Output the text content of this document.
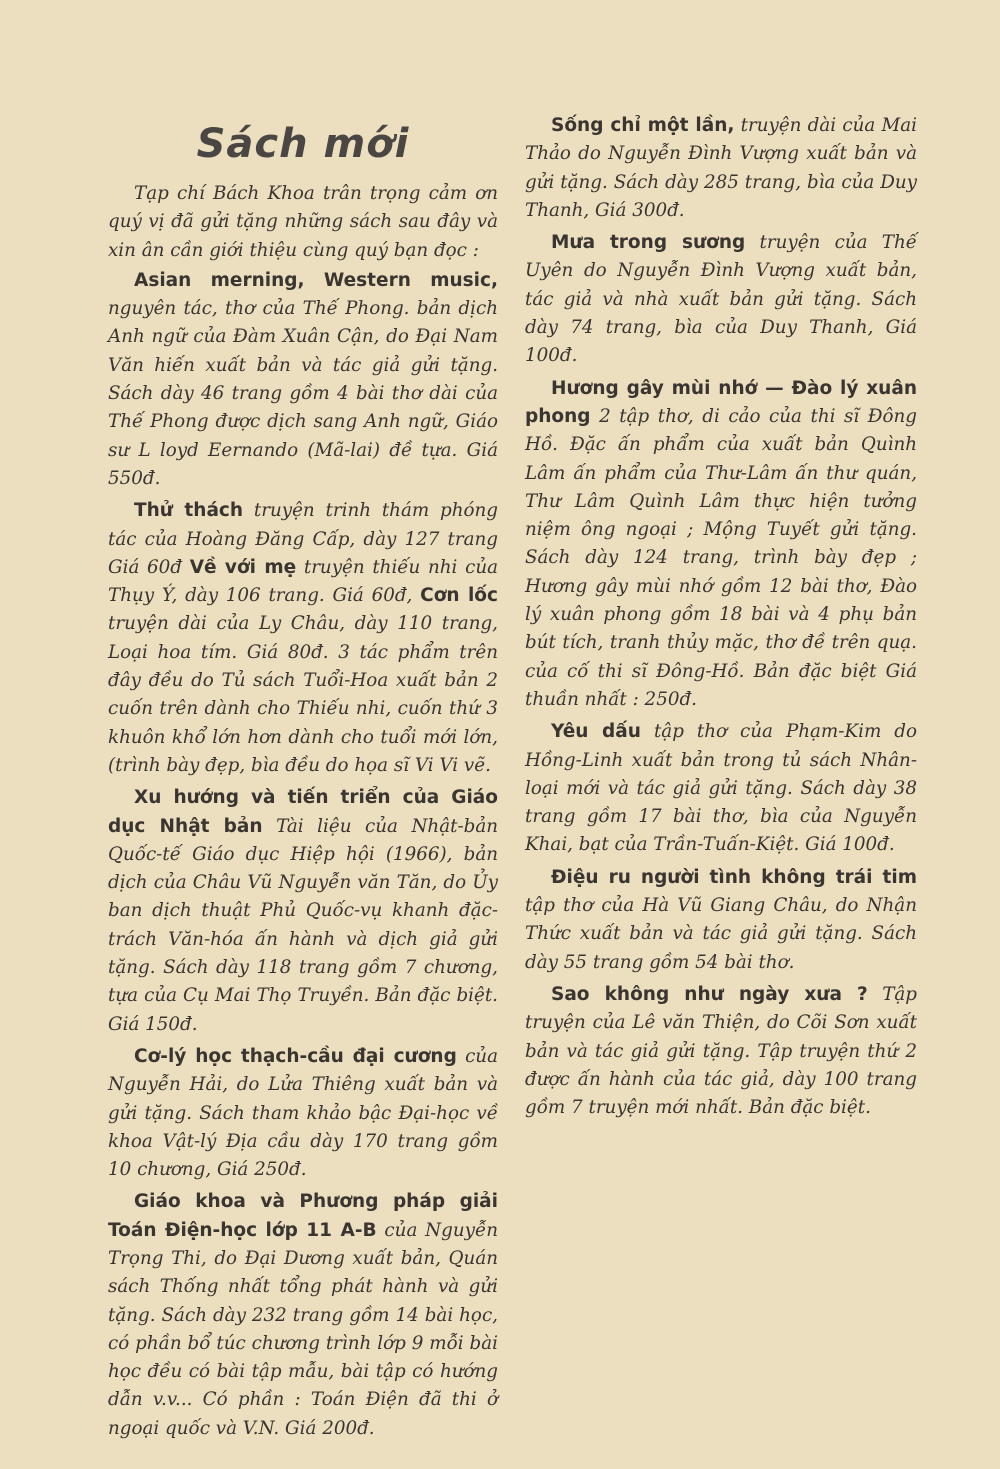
Sách mới

Tạp chí Bách Khoa trân trọng cảm ơn quý vị đã gửi tặng những sách sau đây và xin ân cần giới thiệu cùng quý bạn đọc :

Asian merning, Western music, nguyên tác, thơ của Thế Phong. bản dịch Anh ngữ của Đàm Xuân Cận, do Đại Nam Văn hiến xuất bản và tác giả gửi tặng. Sách dày 46 trang gồm 4 bài thơ dài của Thế Phong được dịch sang Anh ngữ, Giáo sư L loyd Eernando (Mã-lai) đề tựa. Giá 550đ.

Thử thách truyện trinh thám phóng tác của Hoàng Đăng Cấp, dày 127 trang Giá 60đ Về với mẹ truyện thiếu nhi của Thụy Ý, dày 106 trang. Giá 60đ, Cơn lốc truyện dài của Ly Châu, dày 110 trang, Loại hoa tím. Giá 80đ. 3 tác phẩm trên đây đều do Tủ sách Tuổi-Hoa xuất bản 2 cuốn trên dành cho Thiếu nhi, cuốn thứ 3 khuôn khổ lớn hơn dành cho tuổi mới lớn, (trình bày đẹp, bìa đều do họa sĩ Vi Vi vẽ.

Xu hướng và tiến triển của Giáo dục Nhật bản Tài liệu của Nhật-bản Quốc-tế Giáo dục Hiệp hội (1966), bản dịch của Châu Vũ Nguyễn văn Tăn, do Ủy ban dịch thuật Phủ Quốc-vụ khanh đặc-trách Văn-hóa ấn hành và dịch giả gửi tặng. Sách dày 118 trang gồm 7 chương, tựa của Cụ Mai Thọ Truyền. Bản đặc biệt. Giá 150đ.

Cơ-lý học thạch-cầu đại cương của Nguyễn Hải, do Lửa Thiêng xuất bản và gửi tặng. Sách tham khảo bậc Đại-học về khoa Vật-lý Địa cầu dày 170 trang gồm 10 chương, Giá 250đ.

Giáo khoa và Phương pháp giải Toán Điện-học lớp 11 A-B của Nguyễn Trọng Thi, do Đại Dương xuất bản, Quán sách Thống nhất tổng phát hành và gửi tặng. Sách dày 232 trang gồm 14 bài học, có phần bổ túc chương trình lớp 9 mỗi bài học đều có bài tập mẫu, bài tập có hướng dẫn v.v... Có phần : Toán Điện đã thi ở ngoại quốc và V.N. Giá 200đ.

Sống chỉ một lần, truyện dài của Mai Thảo do Nguyễn Đình Vượng xuất bản và gửi tặng. Sách dày 285 trang, bìa của Duy Thanh, Giá 300đ.

Mưa trong sương truyện của Thế Uyên do Nguyễn Đình Vượng xuất bản, tác giả và nhà xuất bản gửi tặng. Sách dày 74 trang, bìa của Duy Thanh, Giá 100đ.

Hương gây mùi nhớ — Đào lý xuân phong 2 tập thơ, di cảo của thi sĩ Đông Hồ. Đặc ấn phẩm của xuất bản Quình Lâm ấn phẩm của Thư-Lâm ấn thư quán, Thư Lâm Quình Lâm thực hiện tưởng niệm ông ngoại ; Mộng Tuyết gửi tặng. Sách dày 124 trang, trình bày đẹp ; Hương gây mùi nhớ gồm 12 bài thơ, Đào lý xuân phong gồm 18 bài và 4 phụ bản bút tích, tranh thủy mặc, thơ đề trên quạ. của cố thi sĩ Đông-Hồ. Bản đặc biệt Giá thuần nhất : 250đ.

Yêu dấu tập thơ của Phạm-Kim do Hồng-Linh xuất bản trong tủ sách Nhân-loại mới và tác giả gửi tặng. Sách dày 38 trang gồm 17 bài thơ, bìa của Nguyễn Khai, bạt của Trần-Tuấn-Kiệt. Giá 100đ.

Điệu ru người tình không trái tim tập thơ của Hà Vũ Giang Châu, do Nhận Thức xuất bản và tác giả gửi tặng. Sách dày 55 trang gồm 54 bài thơ.

Sao không như ngày xưa ? Tập truyện của Lê văn Thiện, do Cõi Sơn xuất bản và tác giả gửi tặng. Tập truyện thứ 2 được ấn hành của tác giả, dày 100 trang gồm 7 truyện mới nhất. Bản đặc biệt.
